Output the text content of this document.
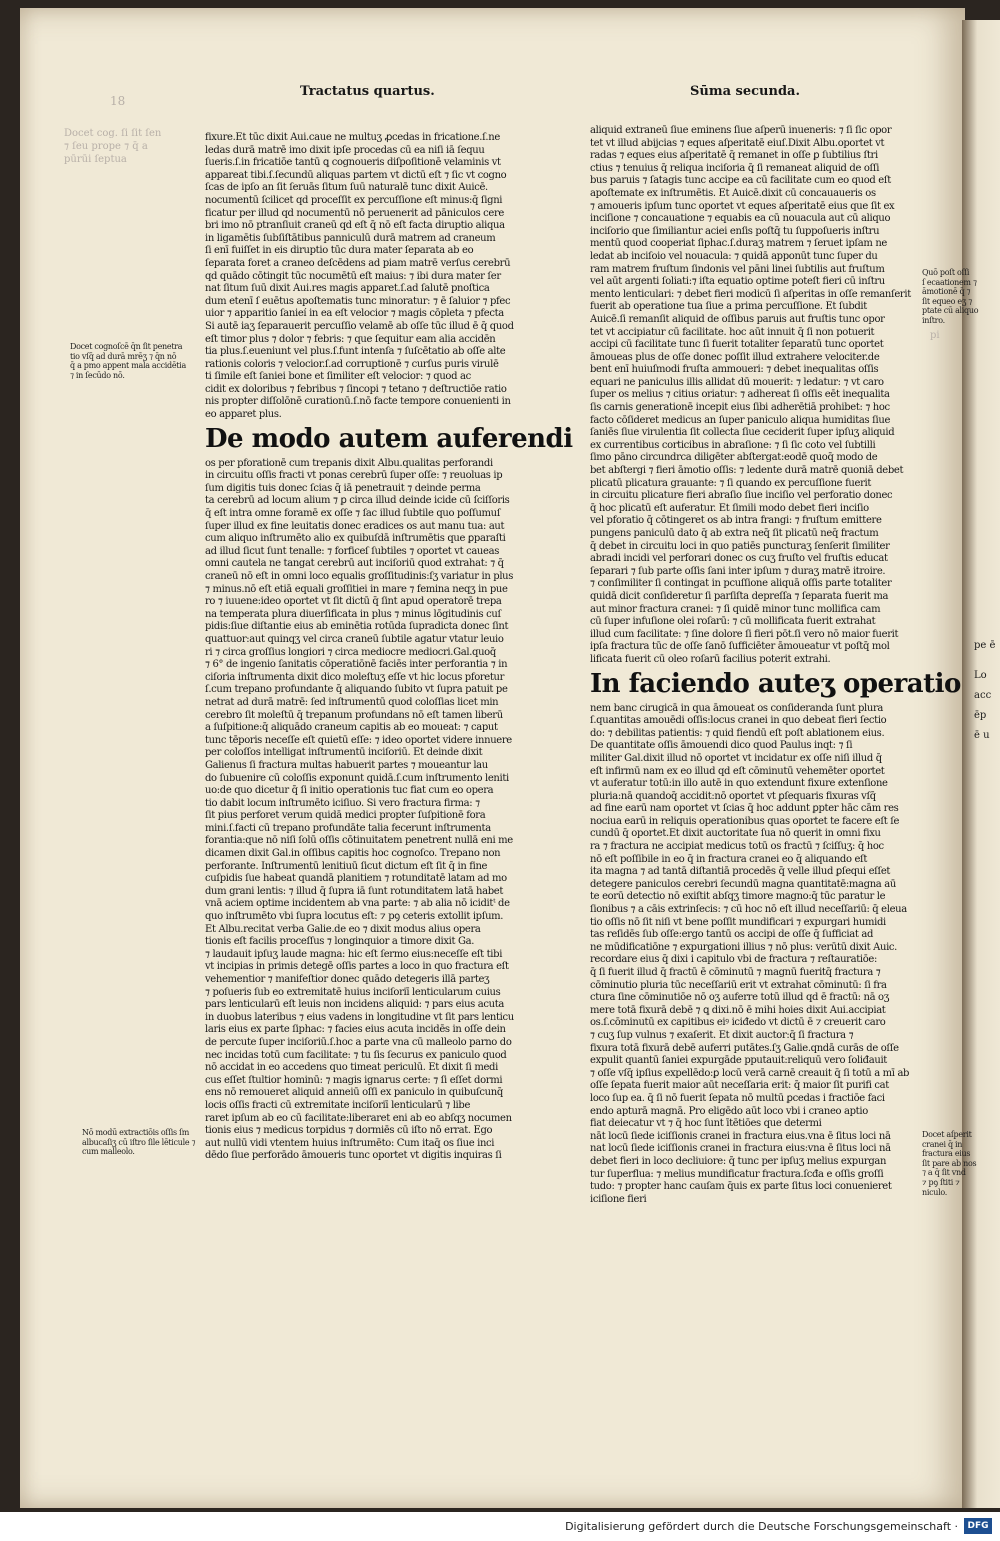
pe ē
Lo
acc
ēp
ē u
Docet cog. ſi ſit ſen
⁊ ſeu prope ⁊ q̄ a
pūrūi ſeptua
18
pi
Tractatus quartus.	Sūma secunda.
fixure.Et tūc dixit Aui.caue ne multuʒ ꝓcedas in fricatione.ſ.ne
ledas durā matrē imo dixit ipſe procedas cū ea niſi iā ſequu
ſueris.ſ.in fricatiōe tantū ꝗ cognoueris diſpoſitionē velaminis vt
appareat tibi.ſ.ſecundū aliquas partem vt dictū eſt ⁊ ſic vt cogno
ſcas de ipſo an ſit ſeruās ſitum ſuū naturalē tunc dixit Auicē.
nocumentū ſcilicet qd proceſſit ex percuſſione eſt minus:q̄ ſigni
ficatur per illud qd nocumentū nō peruenerit ad pāniculos cere
bri imo nō ptranſiuit craneū qd eſt q̄ nō eſt facta diruptio aliqua
in ligamētis ſubſiſtātibus panniculū durā matrem ad craneum
ſi enī fuiſſet in eis diruptio tūc dura mater ſeparata ab eo
ſeparata foret a craneo deſcēdens ad piam matrē verſus cerebrū
qd quādo cōtingit tūc nocumētū eſt maius: ⁊ ibi dura mater ſer
nat ſitum ſuū dixit Aui.res magis apparet.ſ.ad ſalutē pnoſtica
dum etenī ſ euētus apoſtematis tunc minoratur: ⁊ ē ſaluior ⁊ pfec
uior ⁊ apparitio ſanieí in ea eſt velocior ⁊ magis cōpleta ⁊ pfecta
Si autē iaʒ ſeparauerit percuſſio velamē ab oſſe tūc illud ē q̄ quod
eſt timor plus ⁊ dolor ⁊ febris: ⁊ que ſequitur eam alia accidēn
tia plus.ſ.eueniunt vel plus.ſ.funt intenſa ⁊ ſuſcētatio ab oſſe alte
rationis coloris ⁊ velocior.ſ.ad corruptionē ⁊ curſus puris virulē
ti ſimile eſt ſaniei bone et ſimiliter eſt velocior: ⁊ quod ac
cidit ex doloribus ⁊ febribus ⁊ ſincopi ⁊ tetano ⁊ deſtructiōe ratio
nis propter diſſolōnē curationū.ſ.nō facte tempore conuenienti in
eo apparet plus.
De modo autem auferendi
os per pforationē cum trepanis dixit Albu.qualitas perforandi
in circuitu oſſis fracti vt ponas cerebrū ſuper oſſe: ⁊ reuoluas ip
ſum digitis tuis donec ſcias q̄ iā penetrauit ⁊ deinde perma
ta cerebrū ad locum alium ⁊ ꝑ circa illud deinde icide cū ſciſſoris
q̄ eſt intra omne foramē ex oſſe ⁊ ſac illud ſubtile quo poſſumuſ
ſuper illud ex fine leuitatis donec eradices os aut manu tua: aut
cum aliquo inſtrumēto alio ex quibuſdā inſtrumētis que ꝑparaſti
ad illud ſicut ſunt tenalle: ⁊ forficeſ ſubtiles ⁊ oportet vt caueas
omni cautela ne tangat cerebrū aut inciſoriū quod extrahat: ⁊ q̄
craneū nō eſt in omni loco equalis groſſitudinis:ſʒ variatur in plus
⁊ minus.nō eſt etiā equali groſſitiei in mare ⁊ femina neqʒ in pue
ro ⁊ iuuene:ideo oportet vt ſit dictū q̄ ſint apud operatorē trepa
na temperata plura diuerſificata in plus ⁊ minus lōgitudinis cuſ
pidis:ſiue diſtantie eius ab eminētia rotūda ſupradicta donec ſint
quattuor:aut quinqʒ vel circa craneū ſubtile agatur vtatur leuio
ri ⁊ circa groſſius longiori ⁊ circa mediocre mediocri.Gal.quoq̄
⁊ 6° de ingenio ſanitatis cōperatiōnē faciēs inter perforantia ⁊ in
ciſoria inſtrumenta dixit dico moleſtuʒ eſſe vt hic locus pforetur
ſ.cum trepano profundante q̄ aliquando ſubito vt ſupra patuit pe
netrat ad durā matrē: ſed inſtrumentū quod coloſſias licet min
cerebro ſit moleſtū q̄ trepanum profundans nō eſt tamen liberū
a ſuſpitione:q̄ aliquādo craneum capitis ab eo moueat: ⁊ caput
tunc tēporis neceſſe eſt quietū eſſe: ⁊ ideo oportet videre innuere
per coloſſos intelligat inſtrumentū inciſoriū. Et deinde dixit
Galienus ſi fractura multas habuerit partes ⁊ moueantur lau
do ſubuenire cū coloſſis exponunt quidā.ſ.cum inſtrumento leniti
uo:de quo dicetur q̄ ſi initio operationis tuc fiat cum eo opera
tio dabit locum inſtrumēto iciſiuo. Si vero fractura firma: ⁊
ſit pius perforet verum quidā medici propter ſuſpitionē fora
mini.ſ.facti cū trepano profundāte talia fecerunt inſtrumenta
forantia:que nō niſi ſolū oſſis cōtinuitatem penetrent nullā eni me
dicamen dixit Gal.in oſſibus capitis hoc cognoſco. Trepano non
perforante. Inſtrumentū lenitiuū ſicut dictum eſt ſit q̄ in fine
cuſpidis ſue habeat quandā planitiem ⁊ rotunditatē latam ad mo
dum grani lentis: ⁊ illud q̄ ſupra iā ſunt rotunditatem latā habet
vnā aciem optime incidentem ab vna parte: ⁊ ab alia nō iciditᵗ de
quo inſtrumēto vbi ſupra locutus eſt: ⁊ pꝯ ceteris extollit ipſum.
Et Albu.recitat verba Galie.de eo ⁊ dixit modus alius opera
tionis eſt facilis proceſſus ⁊ longinquior a timore dixit Ga.
⁊ laudauit ipſuʒ laude magna: hic eſt ſermo eius:neceſſe eſt tibi
vt incipias in primis detegē oſſis partes a loco in quo fractura eſt
vehementior ⁊ manifeſtior donec quādo detegeris illā parteʒ
⁊ poſueris ſub eo extremitatē huius inciſoriī lenticularum cuius
pars lenticularū eſt leuis non incidens aliquid: ⁊ pars eius acuta
in duobus lateribus ⁊ eius vadens in longitudine vt ſit pars lenticu
laris eius ex parte ſiphac: ⁊ facies eius acuta incidēs in oſſe dein
de percute ſuper inciſoriū.ſ.hoc a parte vna cū malleolo parno do
nec incidas totū cum facilitate: ⁊ tu ſis ſecurus ex paniculo quod
nō accidat in eo accedens quo timeat periculū. Et dixit ſi medi
cus eſſet ſtultior hominū: ⁊ magis ignarus certe: ⁊ ſi eſſet dormi
ens nō remoueret aliquid anneiū oſſi ex paniculo in quibuſcunq̄
locis oſſis fracti cū extremitate inciſoriī lenticularū ⁊ libe
raret ipſum ab eo cū facilitate:liberaret eni ab eo abſqʒ nocumen
tionis eius ⁊ medicus torpidus ⁊ dormiēs cū iſto nō errat. Ego
aut nullū vidi vtentem huius inſtrumēto: Cum itaq̄ os ſiue inci
dēdo ſiue perforādo āmoueris tunc oportet vt digitis inquiras ſi
aliquid extraneū ſiue eminens ſiue aſperū inueneris: ⁊ ſi ſic opor
tet vt illud abijcias ⁊ eques aſperitatē eiuſ.Dixit Albu.oportet vt
radas ⁊ eques eius aſperitatē q̄ remanet in oſſe ꝑ ſubtilius ſtri
ctius ⁊ tenuius q̄ reliqua inciſoria q̄ ſi remaneat aliquid de oſſi
bus paruis ⁊ ſatagis tunc accipe ea cū facilitate cum eo quod eſt
apoſtemate ex inſtrumētis. Et Auicē.dixit cū concauaueris os
⁊ amoueris ipſum tunc oportet vt eques aſperitatē eius que ſit ex
inciſione ⁊ concauatione ⁊ equabis ea cū nouacula aut cū aliquo
inciſorio que ſimiliantur aciei enſis poſtq̄ tu ſuppoſueris inſtru
mentū quod cooperiat ſiphac.ſ.duraʒ matrem ⁊ ſeruet ipſam ne
ledat ab inciſoio vel nouacula: ⁊ quidā apponūt tunc ſuper du
ram matrem fruſtum ſindonis vel pāni linei ſubtilis aut fruſtum
vel aūt argenti ſoliati:⁊ iſta equatio optime poteſt fieri cū inſtru
mento lenticulari: ⁊ debet fieri modicū ſi aſperitas in oſſe remanſerit
fuerit ab operatione tua ſiue a prima percuſſione. Et ſubdit
Auicē.ſi remanſit aliquid de oſſibus paruis aut fruſtis tunc opor
tet vt accipiatur cū facilitate. hoc aūt innuit q̄ ſi non potuerit
accipi cū facilitate tunc ſi fuerit totaliter ſeparatū tunc oportet
āmoueas plus de oſſe donec poſſit illud extrahere velociter.de
bent enī huiuſmodi fruſta ammoueri: ⁊ debet inequalitas oſſis
equari ne paniculus illis allidat dū mouerit: ⁊ ledatur: ⁊ vt caro
ſuper os melius ⁊ citius oriatur: ⁊ adhereat ſi oſſis eēt inequalita
ſis carnis generationē incepit eius ſibi adherētiā prohibet: ⁊ hoc
facto cōſideret medicus an ſuper paniculo aliqua humiditas ſiue
ſaniēs ſiue virulentia ſit collecta ſiue ceciderit ſuper ipſuʒ aliquid
ex currentibus corticibus in abraſione: ⁊ ſi ſic coto vel ſubtilli
ſimo pāno circundrca diligēter abſtergat:eodē quoq̄ modo de
bet abſtergi ⁊ fieri āmotio oſſis: ⁊ ledente durā matrē quoniā debet
plicatū plicatura grauante: ⁊ ſi quando ex percuſſione fuerit
in circuitu plicature fieri abraſio ſiue inciſio vel perforatio donec
q̄ hoc plicatū eſt auferatur. Et ſimili modo debet fieri inciſio
vel pforatio q̄ cōtingeret os ab intra frangi: ⁊ fruſtum emittere
pungens paniculū dato q̄ ab extra neq̄ ſit plicatū neq̄ fractum
q̄ debet in circuitu loci in quo patiēs puncturaʒ ſenſerit ſimiliter
abradi incidi vel perforari donec os cuʒ fruſto vel fruſtis educat
ſeparari ⁊ ſub parte oſſis ſani inter ipſum ⁊ duraʒ matrē itroire.
⁊ conſimiliter ſi contingat in pcuſſione aliquā oſſis parte totaliter
quidā dicit conſideretur ſi parſiſta depreſſa ⁊ ſeparata fuerit ma
aut minor fractura cranei: ⁊ ſi quidē minor tunc mollifica cam
cū ſuper infuſione olei roſarū: ⁊ cū mollificata fuerit extrahat
illud cum facilitate: ⁊ ſine dolore ſi fieri pōt.ſi vero nō maior fuerit
ipſa fractura tūc de oſſe ſanō ſufficiēter āmoueatur vt poſtq̄ mol
lificata fuerit cū oleo roſarū facilius poterit extrahi.
In faciendo auteʒ operatio
nem banc cirugicā in qua āmoueat os conſideranda ſunt plura
ſ.quantitas amouēdi oſſis:locus cranei in quo debeat fieri ſectio
do: ⁊ debilitas patientis: ⁊ quid fiendū eſt poſt ablationem eius.
De quantitate oſſis āmouendi dico quod Paulus inqt: ⁊ ſi
militer Gal.dixit illud nō oportet vt incidatur ex oſſe niſi illud q̄
eſt infirmū nam ex eo illud qd eſt cōminutū vehemēter oportet
vt auferatur totū:in illo autē in quo extendunt fixure extenſione
pluria:nā quandoq̄ accidit:nō oportet vt ꝑſequaris fixuras vſq̄
ad fine earū nam oportet vt ſcias q̄ hoc addunt ꝑpter hāc cām res
nociua earū in reliquis operationibus quas oportet te facere eſt ſe
cundū q̄ oportet.Et dixit auctoritate ſua nō querit in omni fixu
ra ⁊ fractura ne accipiat medicus totū os fractū ⁊ ſciſſuʒ: q̄ hoc
nō eſt poſſibile in eo q̄ in fractura cranei eo q̄ aliquando eſt
ita magna ⁊ ad tantā diſtantiā procedēs q̄ velle illud ꝑſequi eſſet
detegere paniculos cerebri ſecundū magna quantitatē:magna aū
te eorū detectio nō exiſtit abſqʒ timore magno:q̄ tūc paratur le
ſionibus ⁊ a cāis extrinſecis: ⁊ cū hoc nō eſt illud neceſſariū: q̄ eleua
tio oſſis nō ſit niſi vt bene poſſit mundificari ⁊ expurgari humidi
tas reſidēs ſub oſſe:ergo tantū os accipi de oſſe q̄ ſufficiat ad
ne mūdificatiōne ⁊ expurgationi illius ⁊ nō plus: verūtū dixit Auic.
recordare eius q̄ dixi i capitulo vbi de fractura ⁊ reſtauratiōe:
q̄ ſi fuerit illud q̄ fractū ē cōminutū ⁊ magnū fueritq̄ fractura ⁊
cōminutio pluria tūc neceſſariū erit vt extrahat cōminutū: ſi fra
ctura ſine cōminutiōe nō oʒ auferre totū illud qd ē fractū: nā oʒ
mere totā fixurā debē ⁊ ꝗ dixi.nō ē mihi hoies dixit Aui.accipiat
os.ſ.cōminutū ex capitibus eiꝰ iciđedo vt dictū ē ⁊ creuerit caro
⁊ cuʒ ſup vulnus ⁊ exaſerit. Et dixit auctor:q̄ ſi fractura ⁊
fixura totā fixurā debē auferri putātes.ſʒ Galie.qndā curās de oſſe
expulit quantū ſaniei expurgāde pputauit:reliquū vero ſoliđauit
⁊ oſſe vſq̄ ipſius expellēdo:ꝑ locū verā carnē creauit q̄ ſi totū a mī ab
oſſe ſepata fuerit maior aūt neceſſaria erit: q̄ maior ſit purifi cat
loco ſup ea. q̄ ſi nō fuerit ſepata nō multū ꝑcedas i fractiōe faci
endo apturā magnā. Pro eligēdo aūt loco vbi i craneo aptio
fiat deiecatur vt ⁊ q̄ hoc ſunt ītētiōes que determi
nāt locū ſiede iciſſionis cranei in fractura eius.vna ē ſitus loci nā
nat locū ſiede iciſſionis cranei in fractura eius:vna ē ſitus loci nā
debet fieri in loco decliuiore: q̄ tunc per ipſuʒ melius expurgan
tur ſuperflua: ⁊ melius mundificatur fractura.ſcđa e oſſis groſſi
tudo: ⁊ propter hanc cauſam q̄uis ex parte ſitus loci conuenieret
iciſione fieri
Docet cognoſcē q̄n ſit penetra
tio vſq̄ ad durā mrēʒ ⁊ q̄n nō
q̄ a pmo appent mala accidētia
⁊ in ſecūdo nō.
Nō modū extractiōis oſſis ſm
albucaſiʒ cū iſtro ſile lēticule ⁊
cum malleolo.
Quō poſt oſſi
ſ ecaationem ⁊
āmotionē q̄ ⁊
ſit equeo eʒ ⁊
ptate cū aliquo
inſtro.
Docet aſperit
cranei q̄ in
fractura eius
ſit pare ab nos
⁊ a q̄ ſit vnd
⁊ pꝯ ſtiti ⁊
niculo.
Digitalisierung gefördert durch die Deutsche Forschungsgemeinschaft ·	DFG
